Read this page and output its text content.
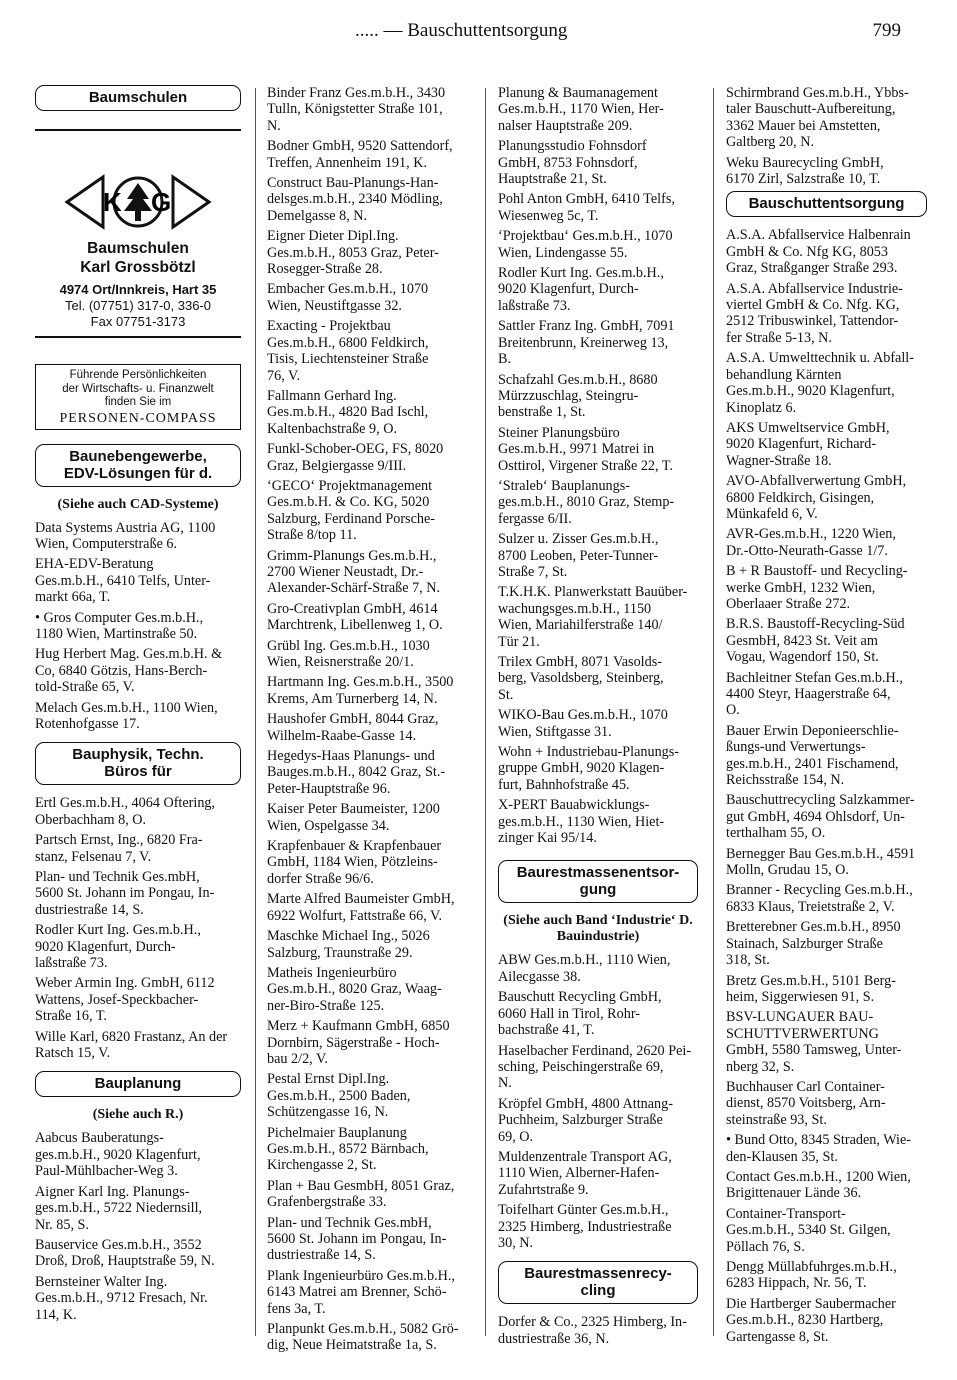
..... — Bauschuttentsorgung	799
Baumschulen
K G
Baumschulen
Karl Grossbötzl
4974 Ort/Innkreis, Hart 35
Tel. (07751) 317-0, 336-0
Fax 07751-3173
Führende Persönlichkeiten
der Wirtschafts- u. Finanzwelt
finden Sie im
PERSONEN-COMPASS
Baunebengewerbe,
EDV-Lösungen für d.
(Siehe auch CAD-Systeme)
Data Systems Austria AG, 1100
Wien, Computerstraße 6.
EHA-EDV-Beratung
Ges.m.b.H., 6410 Telfs, Unter-
markt 66a, T.
• Gros Computer Ges.m.b.H.,
1180 Wien, Martinstraße 50.
Hug Herbert Mag. Ges.m.b.H. &
Co, 6840 Götzis, Hans-Berch-
told-Straße 65, V.
Melach Ges.m.b.H., 1100 Wien,
Rotenhofgasse 17.
Bauphysik, Techn.
Büros für
Ertl Ges.m.b.H., 4064 Oftering,
Oberbachham 8, O.
Partsch Ernst, Ing., 6820 Fra-
stanz, Felsenau 7, V.
Plan- und Technik Ges.mbH,
5600 St. Johann im Pongau, In-
dustriestraße 14, S.
Rodler Kurt Ing. Ges.m.b.H.,
9020 Klagenfurt, Durch-
laßstraße 73.
Weber Armin Ing. GmbH, 6112
Wattens, Josef-Speckbacher-
Straße 16, T.
Wille Karl, 6820 Frastanz, An der
Ratsch 15, V.
Bauplanung
(Siehe auch R.)
Aabcus Bauberatungs-
ges.m.b.H., 9020 Klagenfurt,
Paul-Mühlbacher-Weg 3.
Aigner Karl Ing. Planungs-
ges.m.b.H., 5722 Niedernsill,
Nr. 85, S.
Bauservice Ges.m.b.H., 3552
Droß, Droß, Hauptstraße 59, N.
Bernsteiner Walter Ing.
Ges.m.b.H., 9712 Fresach, Nr.
114, K.
Binder Franz Ges.m.b.H., 3430
Tulln, Königstetter Straße 101,
N.
Bodner GmbH, 9520 Sattendorf,
Treffen, Annenheim 191, K.
Construct Bau-Planungs-Han-
delsges.m.b.H., 2340 Mödling,
Demelgasse 8, N.
Eigner Dieter Dipl.Ing.
Ges.m.b.H., 8053 Graz, Peter-
Rosegger-Straße 28.
Embacher Ges.m.b.H., 1070
Wien, Neustiftgasse 32.
Exacting - Projektbau
Ges.m.b.H., 6800 Feldkirch,
Tisis, Liechtensteiner Straße
76, V.
Fallmann Gerhard Ing.
Ges.m.b.H., 4820 Bad Ischl,
Kaltenbachstraße 9, O.
Funkl-Schober-OEG, FS, 8020
Graz, Belgiergasse 9/III.
‘GECO‘ Projektmanagement
Ges.m.b.H. & Co. KG, 5020
Salzburg, Ferdinand Porsche-
Straße 8/top 11.
Grimm-Planungs Ges.m.b.H.,
2700 Wiener Neustadt, Dr.-
Alexander-Schärf-Straße 7, N.
Gro-Creativplan GmbH, 4614
Marchtrenk, Libellenweg 1, O.
Grübl Ing. Ges.m.b.H., 1030
Wien, Reisnerstraße 20/1.
Hartmann Ing. Ges.m.b.H., 3500
Krems, Am Turnerberg 14, N.
Haushofer GmbH, 8044 Graz,
Wilhelm-Raabe-Gasse 14.
Hegedys-Haas Planungs- und
Bauges.m.b.H., 8042 Graz, St.-
Peter-Hauptstraße 96.
Kaiser Peter Baumeister, 1200
Wien, Ospelgasse 34.
Krapfenbauer & Krapfenbauer
GmbH, 1184 Wien, Pötzleins-
dorfer Straße 96/6.
Marte Alfred Baumeister GmbH,
6922 Wolfurt, Fattstraße 66, V.
Maschke Michael Ing., 5026
Salzburg, Traunstraße 29.
Matheis Ingenieurbüro
Ges.m.b.H., 8020 Graz, Waag-
ner-Biro-Straße 125.
Merz + Kaufmann GmbH, 6850
Dornbirn, Sägerstraße - Hoch-
bau 2/2, V.
Pestal Ernst Dipl.Ing.
Ges.m.b.H., 2500 Baden,
Schützengasse 16, N.
Pichelmaier Bauplanung
Ges.m.b.H., 8572 Bärnbach,
Kirchengasse 2, St.
Plan + Bau GesmbH, 8051 Graz,
Grafenbergstraße 33.
Plan- und Technik Ges.mbH,
5600 St. Johann im Pongau, In-
dustriestraße 14, S.
Plank Ingenieurbüro Ges.m.b.H.,
6143 Matrei am Brenner, Schö-
fens 3a, T.
Planpunkt Ges.m.b.H., 5082 Grö-
dig, Neue Heimatstraße 1a, S.
Planung & Baumanagement
Ges.m.b.H., 1170 Wien, Her-
nalser Hauptstraße 209.
Planungsstudio Fohnsdorf
GmbH, 8753 Fohnsdorf,
Hauptstraße 21, St.
Pohl Anton GmbH, 6410 Telfs,
Wiesenweg 5c, T.
‘Projektbau‘ Ges.m.b.H., 1070
Wien, Lindengasse 55.
Rodler Kurt Ing. Ges.m.b.H.,
9020 Klagenfurt, Durch-
laßstraße 73.
Sattler Franz Ing. GmbH, 7091
Breitenbrunn, Kreinerweg 13,
B.
Schafzahl Ges.m.b.H., 8680
Mürzzuschlag, Steingru-
benstraße 1, St.
Steiner Planungsbüro
Ges.m.b.H., 9971 Matrei in
Osttirol, Virgener Straße 22, T.
‘Straleb‘ Bauplanungs-
ges.m.b.H., 8010 Graz, Stemp-
fergasse 6/II.
Sulzer u. Zisser Ges.m.b.H.,
8700 Leoben, Peter-Tunner-
Straße 7, St.
T.K.H.K. Planwerkstatt Bauüber-
wachungsges.m.b.H., 1150
Wien, Mariahilferstraße 140/
Tür 21.
Trilex GmbH, 8071 Vasolds-
berg, Vasoldsberg, Steinberg,
St.
WIKO-Bau Ges.m.b.H., 1070
Wien, Stiftgasse 31.
Wohn + Industriebau-Planungs-
gruppe GmbH, 9020 Klagen-
furt, Bahnhofstraße 45.
X-PERT Bauabwicklungs-
ges.m.b.H., 1130 Wien, Hiet-
zinger Kai 95/14.
Baurestmassenentsor-
gung
(Siehe auch Band ‘Industrie‘ D.
Bauindustrie)
ABW Ges.m.b.H., 1110 Wien,
Ailecgasse 38.
Bauschutt Recycling GmbH,
6060 Hall in Tirol, Rohr-
bachstraße 41, T.
Haselbacher Ferdinand, 2620 Pei-
sching, Peischingerstraße 69,
N.
Kröpfel GmbH, 4800 Attnang-
Puchheim, Salzburger Straße
69, O.
Muldenzentrale Transport AG,
1110 Wien, Alberner-Hafen-
Zufahrtstraße 9.
Toifelhart Günter Ges.m.b.H.,
2325 Himberg, Industriestraße
30, N.
Baurestmassenrecy-
cling
Dorfer & Co., 2325 Himberg, In-
dustriestraße 36, N.
Schirmbrand Ges.m.b.H., Ybbs-
taler Bauschutt-Aufbereitung,
3362 Mauer bei Amstetten,
Galtberg 20, N.
Weku Baurecycling GmbH,
6170 Zirl, Salzstraße 10, T.
Bauschuttentsorgung
A.S.A. Abfallservice Halbenrain
GmbH & Co. Nfg KG, 8053
Graz, Straßganger Straße 293.
A.S.A. Abfallservice Industrie-
viertel GmbH & Co. Nfg. KG,
2512 Tribuswinkel, Tattendor-
fer Straße 5-13, N.
A.S.A. Umwelttechnik u. Abfall-
behandlung Kärnten
Ges.m.b.H., 9020 Klagenfurt,
Kinoplatz 6.
AKS Umweltservice GmbH,
9020 Klagenfurt, Richard-
Wagner-Straße 18.
AVO-Abfallverwertung GmbH,
6800 Feldkirch, Gisingen,
Münkafeld 6, V.
AVR-Ges.m.b.H., 1220 Wien,
Dr.-Otto-Neurath-Gasse 1/7.
B + R Baustoff- und Recycling-
werke GmbH, 1232 Wien,
Oberlaaer Straße 272.
B.R.S. Baustoff-Recycling-Süd
GesmbH, 8423 St. Veit am
Vogau, Wagendorf 150, St.
Bachleitner Stefan Ges.m.b.H.,
4400 Steyr, Haagerstraße 64,
O.
Bauer Erwin Deponieerschlie-
ßungs-und Verwertungs-
ges.m.b.H., 2401 Fischamend,
Reichsstraße 154, N.
Bauschuttrecycling Salzkammer-
gut GmbH, 4694 Ohlsdorf, Un-
terthalham 55, O.
Bernegger Bau Ges.m.b.H., 4591
Molln, Grudau 15, O.
Branner - Recycling Ges.m.b.H.,
6833 Klaus, Treietstraße 2, V.
Bretterebner Ges.m.b.H., 8950
Stainach, Salzburger Straße
318, St.
Bretz Ges.m.b.H., 5101 Berg-
heim, Siggerwiesen 91, S.
BSV-LUNGAUER BAU-
SCHUTTVERWERTUNG
GmbH, 5580 Tamsweg, Unter-
nberg 32, S.
Buchhauser Carl Container-
dienst, 8570 Voitsberg, Arn-
steinstraße 93, St.
• Bund Otto, 8345 Straden, Wie-
den-Klausen 35, St.
Contact Ges.m.b.H., 1200 Wien,
Brigittenauer Lände 36.
Container-Transport-
Ges.m.b.H., 5340 St. Gilgen,
Pöllach 76, S.
Dengg Müllabfuhrges.m.b.H.,
6283 Hippach, Nr. 56, T.
Die Hartberger Saubermacher
Ges.m.b.H., 8230 Hartberg,
Gartengasse 8, St.
